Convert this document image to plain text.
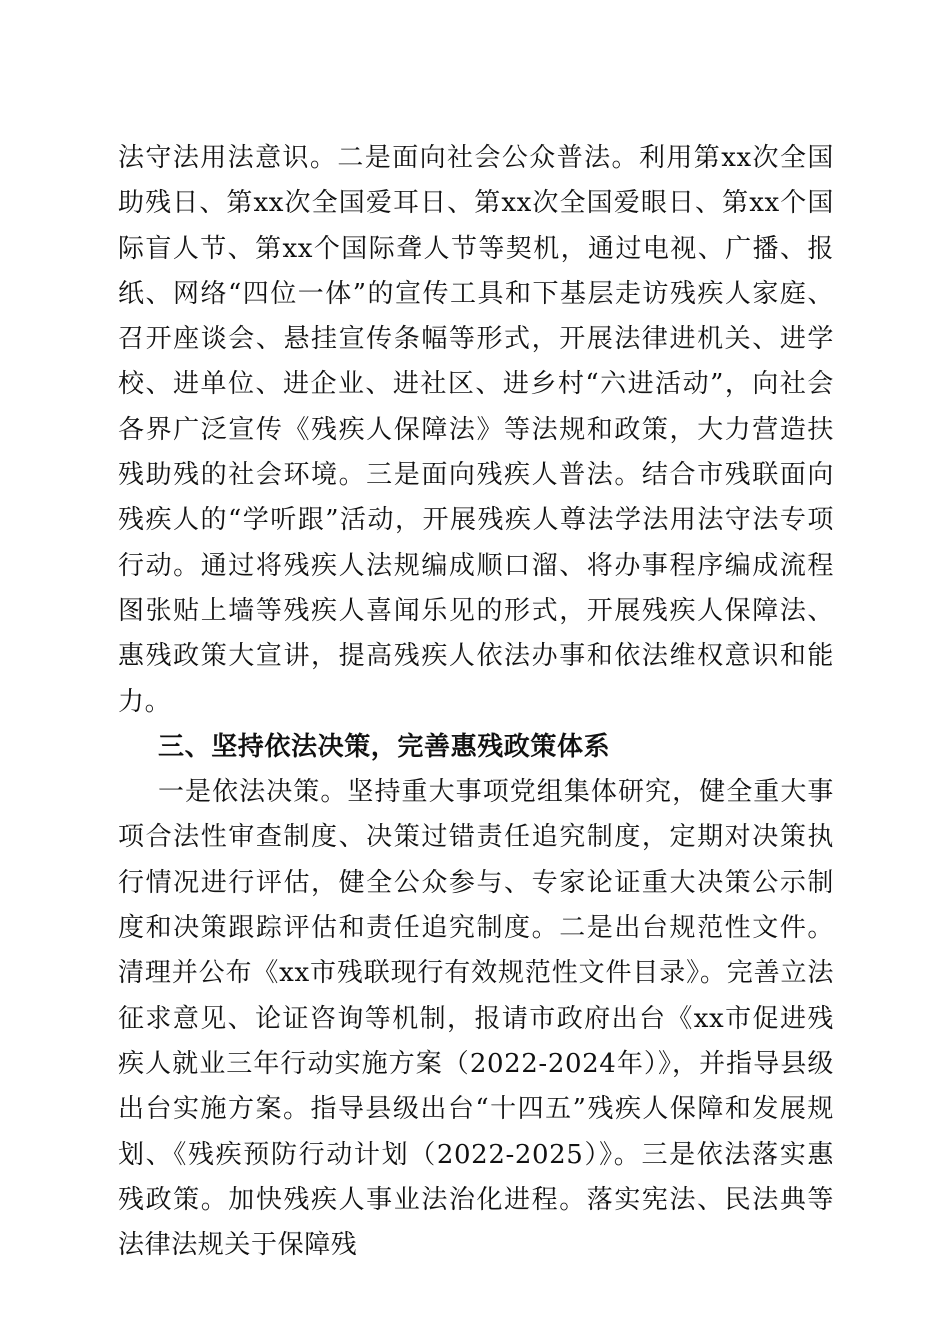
法守法用法意识。二是面向社会公众普法。利用第xx次全国助残日、第xx次全国爱耳日、第xx次全国爱眼日、第xx个国际盲人节、第xx个国际聋人节等契机，通过电视、广播、报纸、网络“四位一体”的宣传工具和下基层走访残疾人家庭、召开座谈会、悬挂宣传条幅等形式，开展法律进机关、进学校、进单位、进企业、进社区、进乡村“六进活动”，向社会各界广泛宣传《残疾人保障法》等法规和政策，大力营造扶残助残的社会环境。三是面向残疾人普法。结合市残联面向残疾人的“学听跟”活动，开展残疾人尊法学法用法守法专项行动。通过将残疾人法规编成顺口溜、将办事程序编成流程图张贴上墙等残疾人喜闻乐见的形式，开展残疾人保障法、惠残政策大宣讲，提高残疾人依法办事和依法维权意识和能力。

三、坚持依法决策，完善惠残政策体系

一是依法决策。坚持重大事项党组集体研究，健全重大事项合法性审查制度、决策过错责任追究制度，定期对决策执行情况进行评估，健全公众参与、专家论证重大决策公示制度和决策跟踪评估和责任追究制度。二是出台规范性文件。清理并公布《xx市残联现行有效规范性文件目录》。完善立法征求意见、论证咨询等机制，报请市政府出台《xx市促进残疾人就业三年行动实施方案（2022-2024年）》，并指导县级出台实施方案。指导县级出台“十四五”残疾人保障和发展规划、《残疾预防行动计划（2022-2025）》。三是依法落实惠残政策。加快残疾人事业法治化进程。落实宪法、民法典等法律法规关于保障残
